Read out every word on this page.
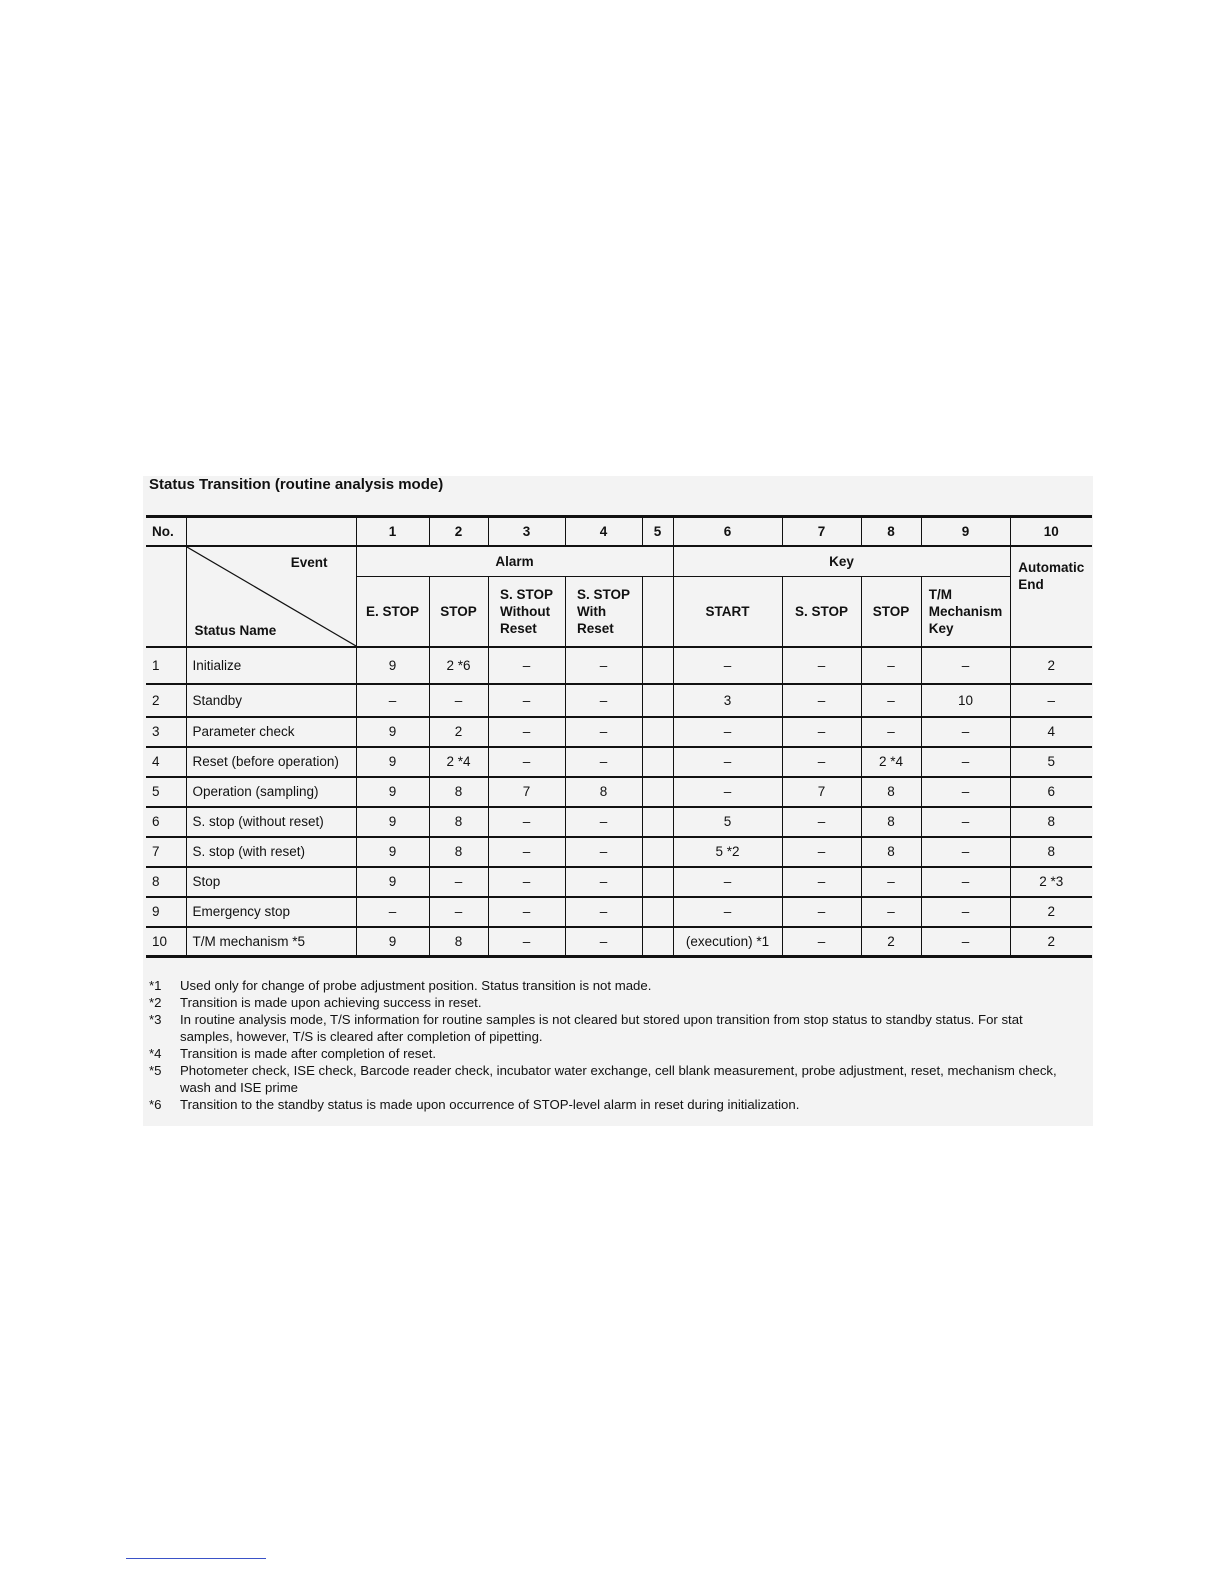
Status Transition (routine analysis mode)
No.		1	2	3	4	5	6	7	8	9	10

	Event
Status Name	Alarm					Key				Automatic
End
		E. STOP	STOP	S. STOP
Without
Reset	S. STOP
With
Reset		START	S. STOP	STOP	T/M
Mechanism
Key	
1	Initialize	9	2 *6	–	–		–	–	–	–	2
2	Standby	–	–	–	–		3	–	–	10	–
3	Parameter check	9	2	–	–		–	–	–	–	4
4	Reset (before operation)	9	2 *4	–	–		–	–	2 *4	–	5
5	Operation (sampling)	9	8	7	8		–	7	8	–	6
6	S. stop (without reset)	9	8	–	–		5	–	8	–	8
7	S. stop (with reset)	9	8	–	–		5 *2	–	8	–	8
8	Stop	9	–	–	–		–	–	–	–	2 *3
9	Emergency stop	–	–	–	–		–	–	–	–	2
10	T/M mechanism *5	9	8	–	–		(execution) *1	–	2	–	2
*1 Used only for change of probe adjustment position. Status transition is not made.
*2 Transition is made upon achieving success in reset.
*3 In routine analysis mode, T/S information for routine samples is not cleared but stored upon transition from stop status to standby status. For stat samples, however, T/S is cleared after completion of pipetting.
*4 Transition is made after completion of reset.
*5 Photometer check, ISE check, Barcode reader check, incubator water exchange, cell blank measurement, probe adjustment, reset, mechanism check, wash and ISE prime
*6 Transition to the standby status is made upon occurrence of STOP-level alarm in reset during initialization.
